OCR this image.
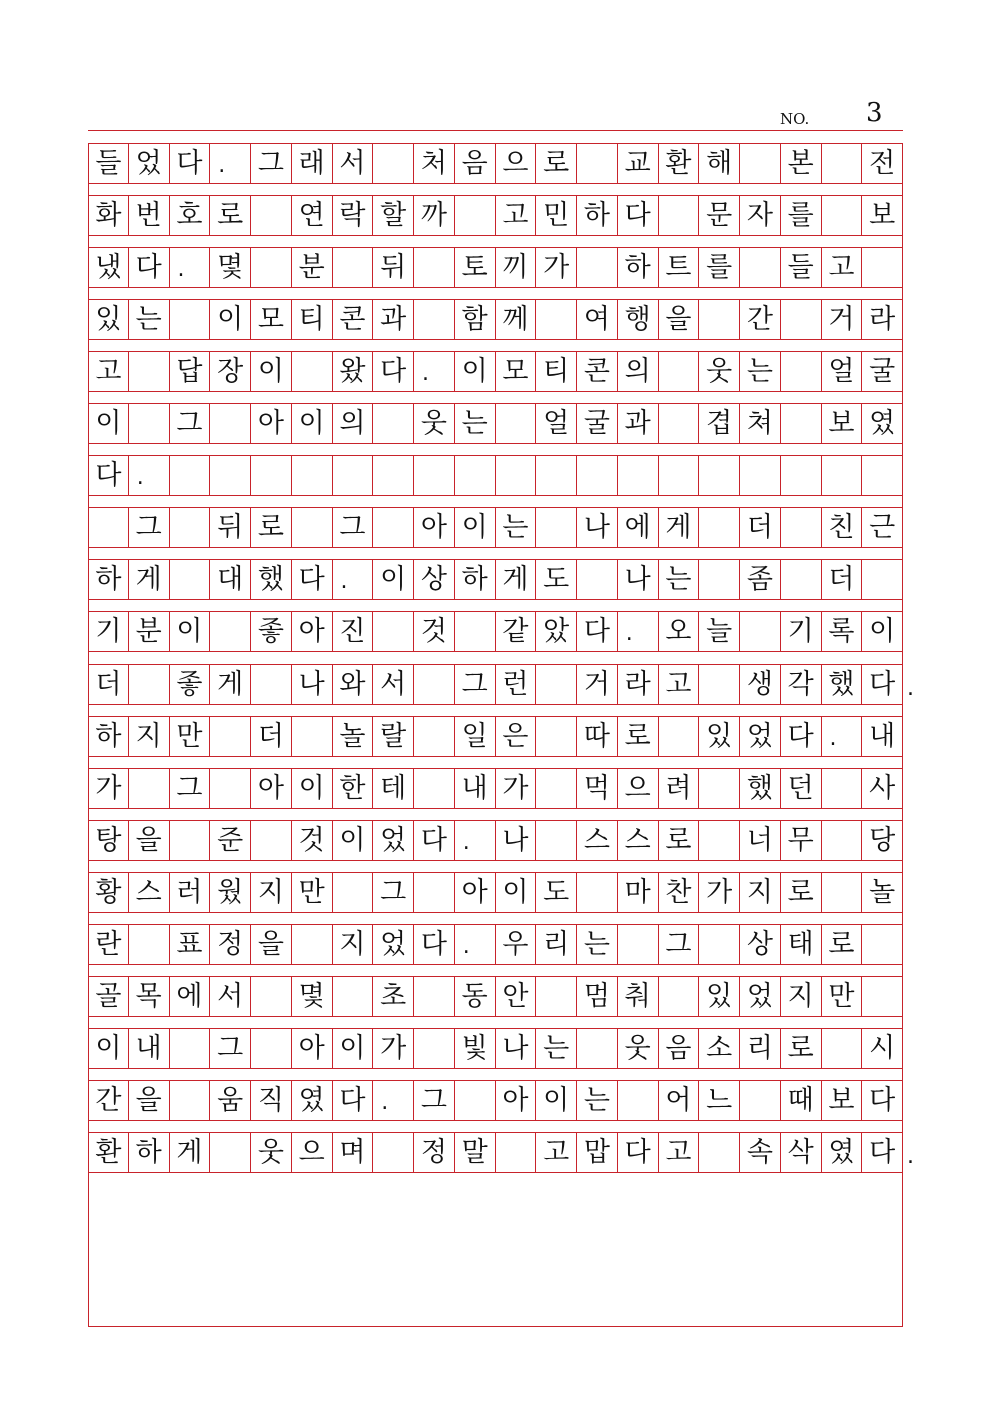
NO. 3
들 었 다 .	그 래 서 처 음 으 로 교 환 해 본 전
화 번 호 로 연 락 할 까 고 민 하 다 문 자 를 보
냈 다 .	몇 분 뒤 토 끼 가 하 트 를 들 고
있 는 이 모 티 콘 과 함 께 여 행 을 간 거 라
고 답 장 이 왔 다 .	이 모 티 콘 의 웃 는 얼 굴
이 그 아 이 의 웃 는 얼 굴 과 겹 쳐 보 였
다 .
그 뒤 로 그 아 이 는 나 에 게 더 친 근
하 게 대 했 다 .	이 상 하 게 도 나 는 좀 더
기 분 이 좋 아 진 것 같 았 다 .	오 늘 기 록 이
더 좋 게 나 와 서 그 런 거 라 고 생 각 했 다
하 지 만 더 놀 랄 일 은 따 로 있 었 다 .	내
가 그 아 이 한 테 내 가 먹 으 려 했 던 사
탕 을 준 것 이 었 다 .	나 스 스 로 너 무 당
황 스 러 웠 지 만 그 아 이 도 마 찬 가 지 로 놀
란 표 정 을 지 었 다 .	우 리 는 그 상 태 로
골 목 에 서 몇 초 동 안 멈 춰 있 었 지 만
이 내 그 아 이 가 빛 나 는 웃 음 소 리 로 시
간 을 움 직 였 다 .	그 아 이 는 어 느 때 보 다
환 하 게 웃 으 며 정 말 고 맙 다 고 속 삭 였 다
.
.
